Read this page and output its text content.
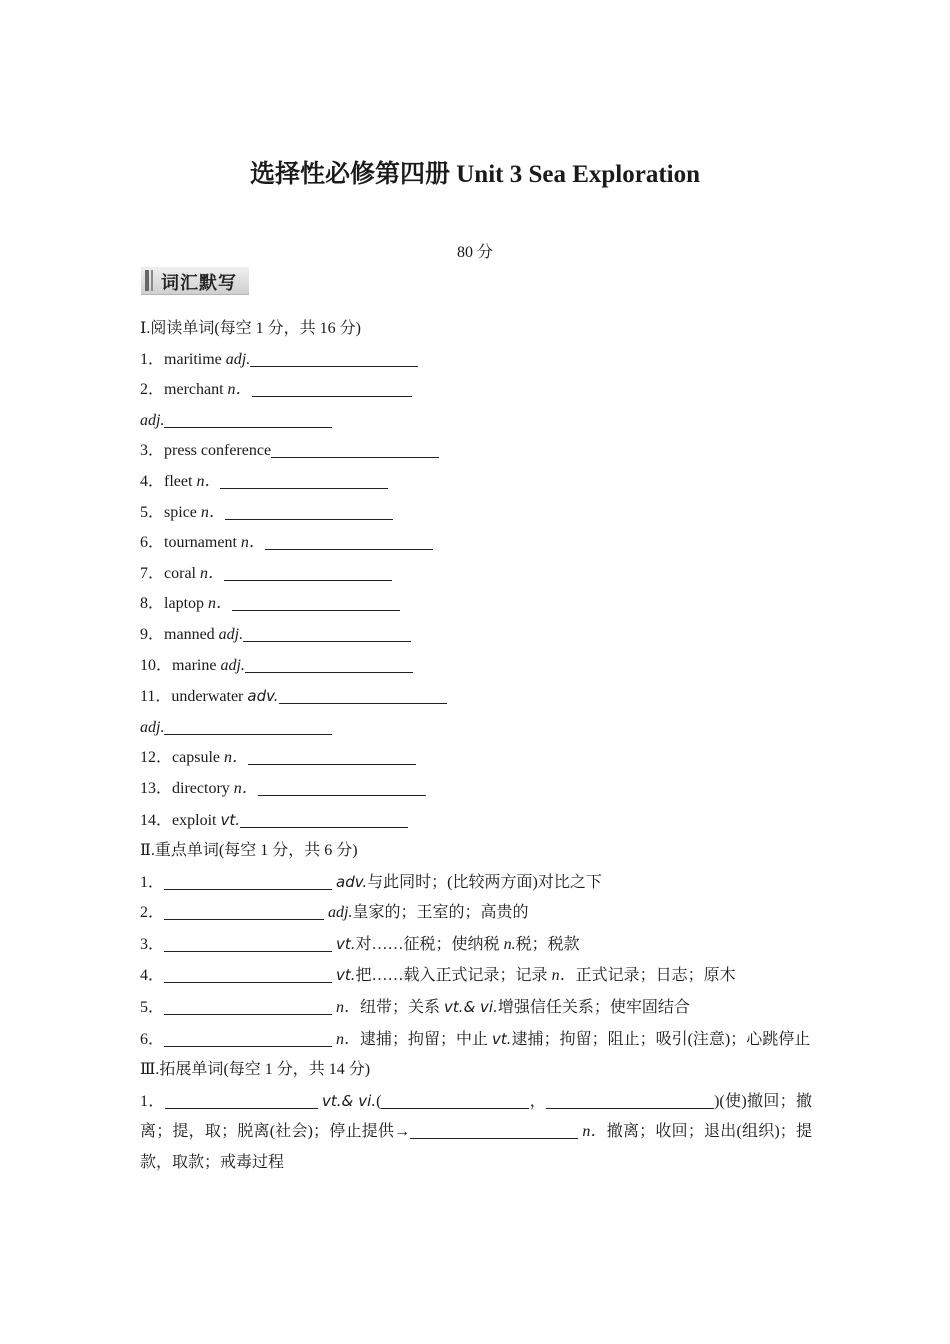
选择性必修第四册 Unit 3 Sea Exploration
80 分
词汇默写
Ⅰ.阅读单词(每空 1 分，共 16 分)
1．maritime adj.
2．merchant n．
adj.
3．press conference
4．fleet n．
5．spice n．
6．tournament n．
7．coral n．
8．laptop n．
9．manned adj.
10．marine adj.
11．underwater adv.
adj.
12．capsule n．
13．directory n．
14．exploit vt.
Ⅱ.重点单词(每空 1 分，共 6 分)
1．	adv.与此同时；(比较两方面)对比之下
2．	adj.皇家的；王室的；高贵的
3．	vt.对……征税；使纳税 n.税；税款
4．	vt.把……载入正式记录；记录 n．正式记录；日志；原木
5．	n．纽带；关系 vt.& vi.增强信任关系；使牢固结合
6．	n．逮捕；拘留；中止 vt.逮捕；拘留；阻止；吸引(注意)；心跳停止
Ⅲ.拓展单词(每空 1 分，共 14 分)
1．	vt.& vi.(	，	)(使)撤回；撤离；提，取；脱离(社会)；停止提供→	n．撤离；收回；退出(组织)；提款，取款；戒毒过程
